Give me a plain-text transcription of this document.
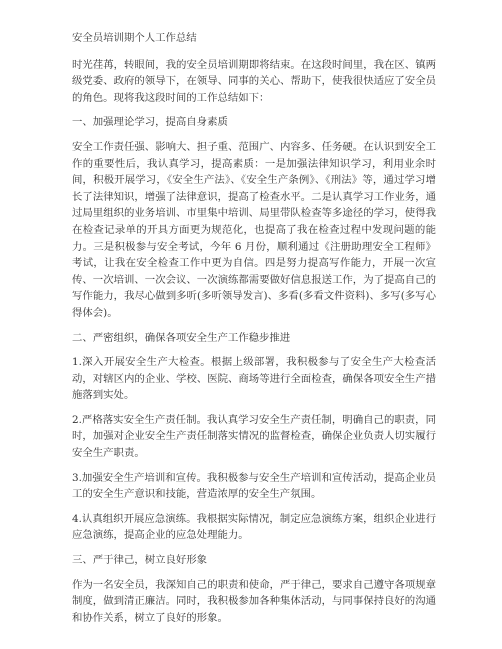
安全员培训期个人工作总结

时光荏苒，转眼间，我的安全员培训期即将结束。在这段时间里，我在区、镇两级党委、政府的领导下，在领导、同事的关心、帮助下，使我很快适应了安全员的角色。现将我这段时间的工作总结如下：

一、加强理论学习，提高自身素质

安全工作责任强、影响大、担子重、范围广、内容多、任务硬。在认识到安全工作的重要性后，我认真学习，提高素质：一是加强法律知识学习，利用业余时间，积极开展学习，《安全生产法》、《安全生产条例》、《刑法》等，通过学习增长了法律知识，增强了法律意识，提高了检查水平。二是认真学习工作业务，通过局里组织的业务培训、市里集中培训、局里带队检查等多途径的学习，使得我在检查记录单的开具方面更为规范化，也提高了我在检查过程中发现问题的能力。三是积极参与安全考试，今年 6 月份，顺利通过《注册助理安全工程师》考试，让我在安全检查工作中更为自信。四是努力提高写作能力，开展一次宣传、一次培训、一次会议、一次演练都需要做好信息报送工作，为了提高自己的写作能力，我尽心做到多听(多听领导发言)、多看(多看文件资料)、多写(多写心得体会)。

二、严密组织，确保各项安全生产工作稳步推进

1.深入开展安全生产大检查。根据上级部署，我积极参与了安全生产大检查活动，对辖区内的企业、学校、医院、商场等进行全面检查，确保各项安全生产措施落到实处。

2.严格落实安全生产责任制。我认真学习安全生产责任制，明确自己的职责，同时，加强对企业安全生产责任制落实情况的监督检查，确保企业负责人切实履行安全生产职责。

3.加强安全生产培训和宣传。我积极参与安全生产培训和宣传活动，提高企业员工的安全生产意识和技能，营造浓厚的安全生产氛围。

4.认真组织开展应急演练。我根据实际情况，制定应急演练方案，组织企业进行应急演练，提高企业的应急处理能力。

三、严于律己，树立良好形象

作为一名安全员，我深知自己的职责和使命，严于律己，要求自己遵守各项规章制度，做到清正廉洁。同时，我积极参加各种集体活动，与同事保持良好的沟通和协作关系，树立了良好的形象。
